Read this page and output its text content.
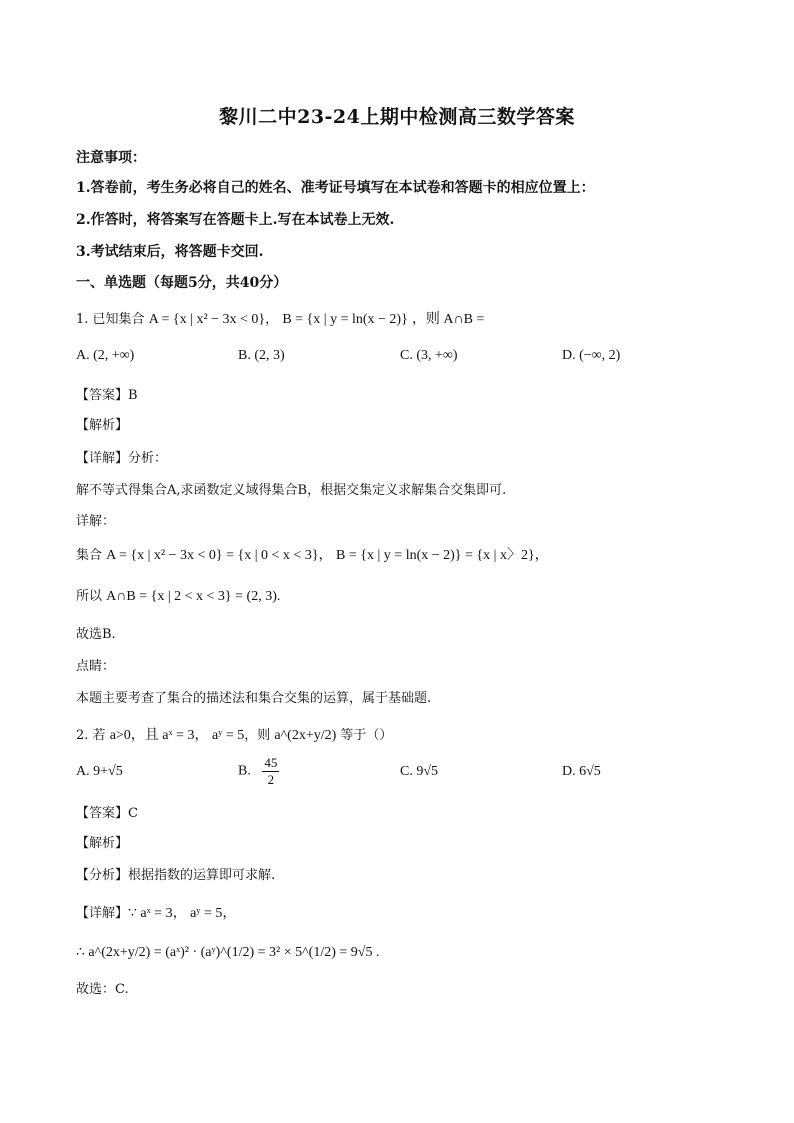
黎川二中23-24上期中检测高三数学答案
注意事项：
1.答卷前，考生务必将自己的姓名、准考证号填写在本试卷和答题卡的相应位置上：
2.作答时，将答案写在答题卡上.写在本试卷上无效.
3.考试结束后，将答题卡交回.
一、单选题（每题5分，共40分）
1. 已知集合 A = {x | x² − 3x < 0}， B = {x | y = ln(x − 2)} ，则 A∩B =
A. (2, +∞)	B. (2, 3)	C. (3, +∞)	D. (−∞, 2)
【答案】B
【解析】
【详解】分析：
解不等式得集合A,求函数定义域得集合B，根据交集定义求解集合交集即可.
详解：
集合 A = {x | x² − 3x < 0} = {x | 0 < x < 3}， B = {x | y = ln(x − 2)} = {x | x〉2}，
所以 A∩B = {x | 2 < x < 3} = (2, 3).
故选B.
点睛：
本题主要考查了集合的描述法和集合交集的运算，属于基础题.
2. 若 a>0，且 aˣ = 3， aʸ = 5，则 a^(2x+y/2) 等于（）
A. 9+√5	B. $\frac{45}{2}$	C. 9√5	D. 6√5
【答案】C
【解析】
【分析】根据指数的运算即可求解.
【详解】∵ aˣ = 3， aʸ = 5，
∴ a^(2x+y/2) = (aˣ)² · (aʸ)^(1/2) = 3² × 5^(1/2) = 9√5 .
故选：C.
